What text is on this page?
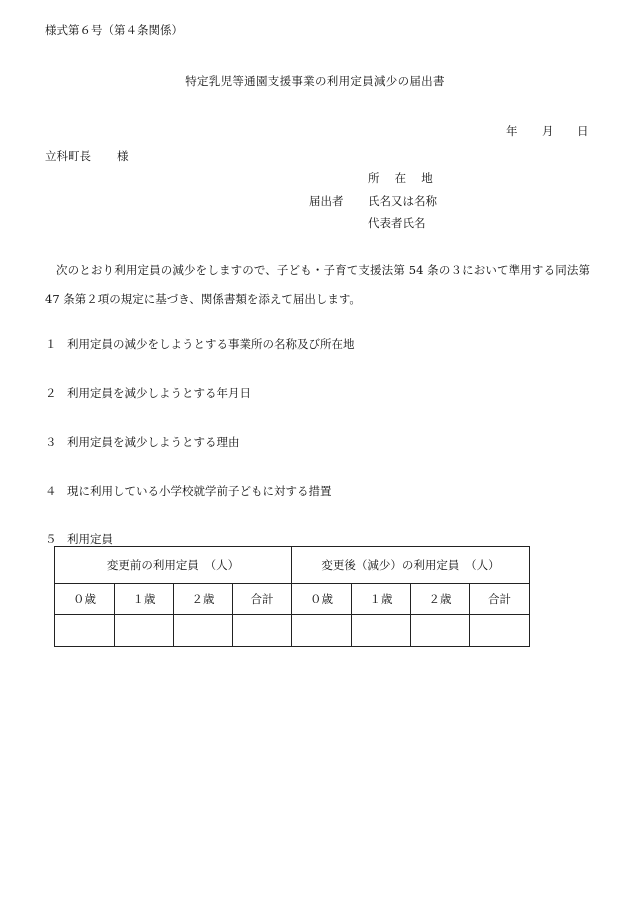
様式第６号（第４条関係）
特定乳児等通園支援事業の利用定員減少の届出書
年 月 日
立科町長 様
届出者
所　 在 　地
氏名又は名称
代表者氏名
次のとおり利用定員の減少をしますので、子ども・子育て支援法第 54 条の３において準用する同法第 47 条第２項の規定に基づき、関係書類を添えて届出します。
１ 利用定員の減少をしようとする事業所の名称及び所在地
２ 利用定員を減少しようとする年月日
３ 利用定員を減少しようとする理由
４ 現に利用している小学校就学前子どもに対する措置
５ 利用定員
変更前の利用定員　（人）				変更後（減少）の利用定員　（人）			
０歳	１歳	２歳	合計	０歳	１歳	２歳	合計
